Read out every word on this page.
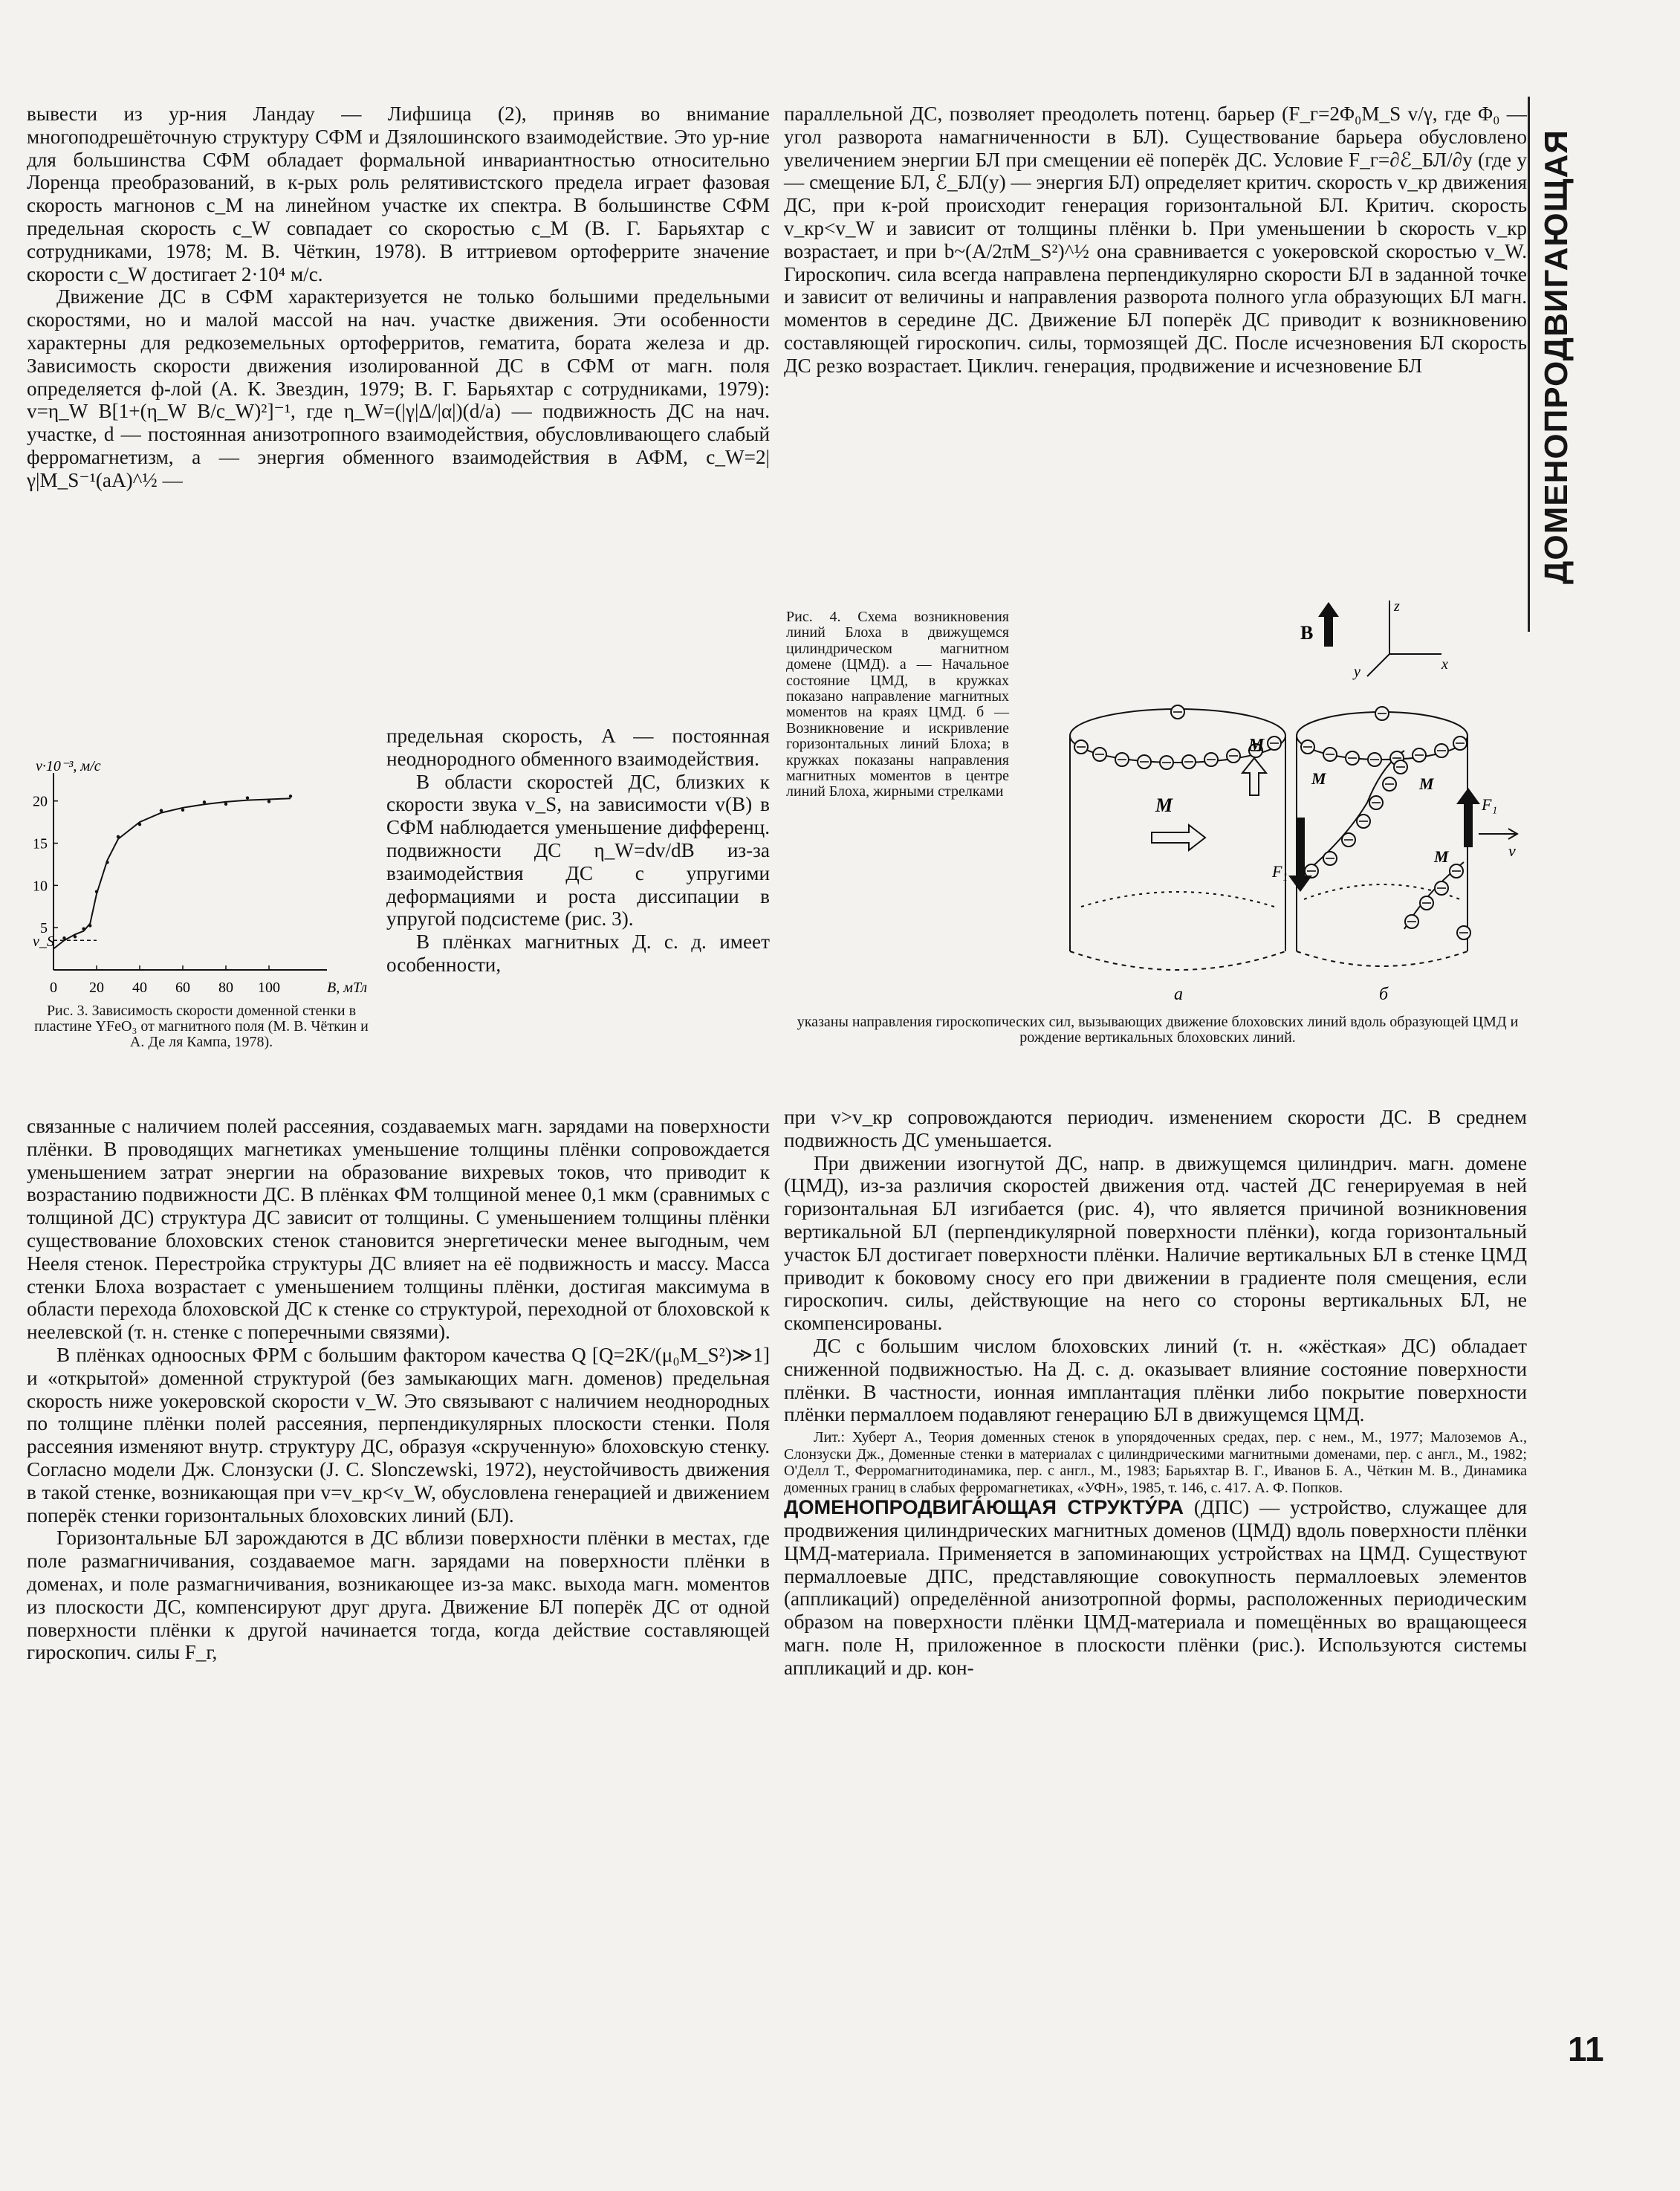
ДОМЕНОПРОДВИГАЮЩАЯ
11

вывести из ур-ния Ландау — Лифшица (2), приняв во внимание многоподрешёточную структуру СФМ и Дзялошинского взаимодействие. Это ур-ние для большинства СФМ обладает формальной инвариантностью относительно Лоренца преобразований, в к-рых роль релятивистского предела играет фазовая скорость магнонов c_M на линейном участке их спектра. В большинстве СФМ предельная скорость c_W совпадает со скоростью c_M (В. Г. Барьяхтар с сотрудниками, 1978; М. В. Чёткин, 1978). В иттриевом ортоферрите значение скорости c_W достигает 2·10⁴ м/с.

Движение ДС в СФМ характеризуется не только большими предельными скоростями, но и малой массой на нач. участке движения. Эти особенности характерны для редкоземельных ортоферритов, гематита, бората железа и др. Зависимость скорости движения изолированной ДС в СФМ от магн. поля определяется ф-лой (А. К. Звездин, 1979; В. Г. Барьяхтар с сотрудниками, 1979): v=η_W B[1+(η_W B/c_W)²]⁻¹, где η_W=(|γ|Δ/|α|)(d/a) — подвижность ДС на нач. участке, d — постоянная анизотропного взаимодействия, обусловливающего слабый ферромагнетизм, a — энергия обменного взаимодействия в АФМ, c_W=2|γ|M_S⁻¹(aA)^½ —

0 20 40 60 80 100
5
10
15
20
v·10⁻³, м/с
B, мТл
v_S
Рис. 3. Зависимость скорости доменной стенки в пластине YFeO₃ от магнитного поля (М. В. Чёткин и А. Де ля Кампа, 1978).

предельная скорость, A — постоянная неоднородного обменного взаимодействия.

В области скоростей ДС, близких к скорости звука v_S, на зависимости v(B) в СФМ наблюдается уменьшение дифференц. подвижности ДС η_W=dv/dB из-за взаимодействия ДС с упругими деформациями и роста диссипации в упругой подсистеме (рис. 3).

В плёнках магнитных Д. с. д. имеет особенности,

связанные с наличием полей рассеяния, создаваемых магн. зарядами на поверхности плёнки. В проводящих магнетиках уменьшение толщины плёнки сопровождается уменьшением затрат энергии на образование вихревых токов, что приводит к возрастанию подвижности ДС. В плёнках ФМ толщиной менее 0,1 мкм (сравнимых с толщиной ДС) структура ДС зависит от толщины. С уменьшением толщины плёнки существование блоховских стенок становится энергетически менее выгодным, чем Нееля стенок. Перестройка структуры ДС влияет на её подвижность и массу. Масса стенки Блоха возрастает с уменьшением толщины плёнки, достигая максимума в области перехода блоховской ДС к стенке со структурой, переходной от блоховской к неелевской (т. н. стенке с поперечными связями).

В плёнках одноосных ФРМ с большим фактором качества Q [Q=2K/(μ₀M_S²)≫1] и «открытой» доменной структурой (без замыкающих магн. доменов) предельная скорость ниже уокеровской скорости v_W. Это связывают с наличием неоднородных по толщине плёнки полей рассеяния, перпендикулярных плоскости стенки. Поля рассеяния изменяют внутр. структуру ДС, образуя «скрученную» блоховскую стенку. Согласно модели Дж. Слонзуски (J. C. Slonczewski, 1972), неустойчивость движения в такой стенке, возникающая при v=v_кр<v_W, обусловлена генерацией и движением поперёк стенки горизонтальных блоховских линий (БЛ).

Горизонтальные БЛ зарождаются в ДС вблизи поверхности плёнки в местах, где поле размагничивания, создаваемое магн. зарядами на поверхности плёнки в доменах, и поле размагничивания, возникающее из-за макс. выхода магн. моментов из плоскости ДС, компенсируют друг друга. Движение БЛ поперёк ДС от одной поверхности плёнки к другой начинается тогда, когда действие составляющей гироскопич. силы F_г,

параллельной ДС, позволяет преодолеть потенц. барьер (F_г=2Φ₀M_S v/γ, где Φ₀ — угол разворота намагниченности в БЛ). Существование барьера обусловлено увеличением энергии БЛ при смещении её поперёк ДС. Условие F_г=∂ℰ_БЛ/∂y (где y — смещение БЛ, ℰ_БЛ(y) — энергия БЛ) определяет критич. скорость v_кр движения ДС, при к-рой происходит генерация горизонтальной БЛ. Критич. скорость v_кр<v_W и зависит от толщины плёнки b. При уменьшении b скорость v_кр возрастает, и при b~(A/2πM_S²)^½ она сравнивается с уокеровской скоростью v_W. Гироскопич. сила всегда направлена перпендикулярно скорости БЛ в заданной точке и зависит от величины и направления разворота полного угла образующих БЛ магн. моментов в середине ДС. Движение БЛ поперёк ДС приводит к возникновению составляющей гироскопич. силы, тормозящей ДС. После исчезновения БЛ скорость ДС резко возрастает. Циклич. генерация, продвижение и исчезновение БЛ

Рис. 4. Схема возникновения линий Блоха в движущемся цилиндрическом магнитном домене (ЦМД). а — Начальное состояние ЦМД, в кружках показано направление магнитных моментов на краях ЦМД. б — Возникновение и искривление горизонтальных линий Блоха; в кружках показаны направления магнитных моментов в центре линий Блоха, жирными стрелками
z
x
y
B
M
а
M
M	M
M
F₁
F₁
v
б
указаны направления гироскопических сил, вызывающих движение блоховских линий вдоль образующей ЦМД и рождение вертикальных блоховских линий.

при v>v_кр сопровождаются периодич. изменением скорости ДС. В среднем подвижность ДС уменьшается.

При движении изогнутой ДС, напр. в движущемся цилиндрич. магн. домене (ЦМД), из-за различия скоростей движения отд. частей ДС генерируемая в ней горизонтальная БЛ изгибается (рис. 4), что является причиной возникновения вертикальной БЛ (перпендикулярной поверхности плёнки), когда горизонтальный участок БЛ достигает поверхности плёнки. Наличие вертикальных БЛ в стенке ЦМД приводит к боковому сносу его при движении в градиенте поля смещения, если гироскопич. силы, действующие на него со стороны вертикальных БЛ, не скомпенсированы.

ДС с большим числом блоховских линий (т. н. «жёсткая» ДС) обладает сниженной подвижностью. На Д. с. д. оказывает влияние состояние поверхности плёнки. В частности, ионная имплантация плёнки либо покрытие поверхности плёнки пермаллоем подавляют генерацию БЛ в движущемся ЦМД.

Лит.: Хуберт А., Теория доменных стенок в упорядоченных средах, пер. с нем., М., 1977; Малоземов А., Слонзуски Дж., Доменные стенки в материалах с цилиндрическими магнитными доменами, пер. с англ., М., 1982; О'Делл Т., Ферромагнитодинамика, пер. с англ., М., 1983; Барьяхтар В. Г., Иванов Б. А., Чёткин М. В., Динамика доменных границ в слабых ферромагнетиках, «УФН», 1985, т. 146, с. 417. А. Ф. Попков.

ДОМЕНОПРОДВИГА́ЮЩАЯ СТРУКТУ́РА (ДПС) — устройство, служащее для продвижения цилиндрических магнитных доменов (ЦМД) вдоль поверхности плёнки ЦМД-материала. Применяется в запоминающих устройствах на ЦМД. Существуют пермаллоевые ДПС, представляющие совокупность пермаллоевых элементов (аппликаций) определённой анизотропной формы, расположенных периодическим образом на поверхности плёнки ЦМД-материала и помещённых во вращающееся магн. поле H, приложенное в плоскости плёнки (рис.). Используются системы аппликаций и др. кон-
